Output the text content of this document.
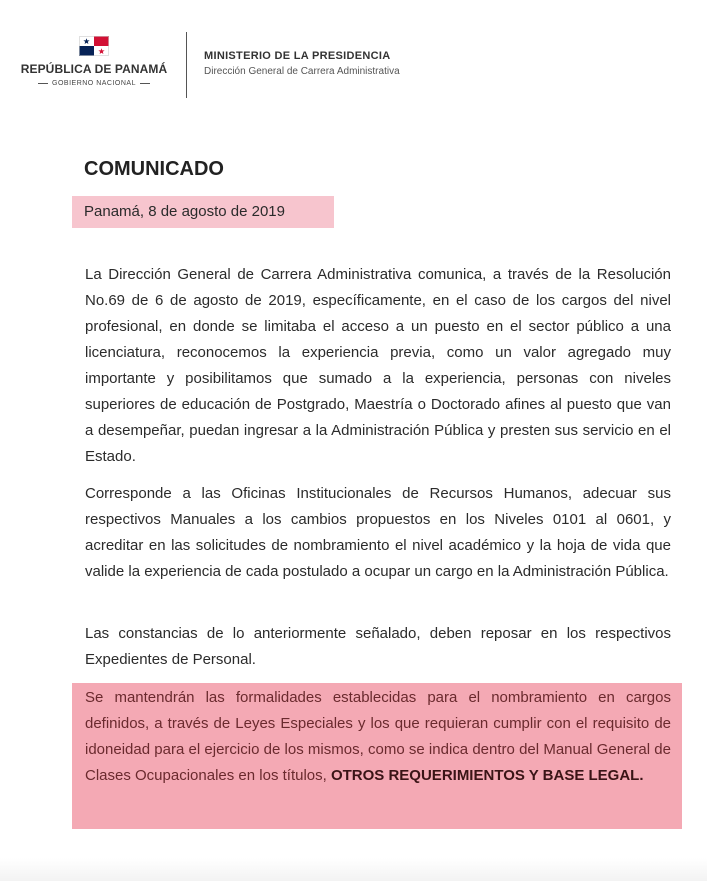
REPÚBLICA DE PANAMÁ
GOBIERNO NACIONAL
MINISTERIO DE LA PRESIDENCIA
Dirección General de Carrera Administrativa
COMUNICADO
Panamá, 8 de agosto de 2019

La Dirección General de Carrera Administrativa comunica, a través de la Resolución No.69 de 6 de agosto de 2019, específicamente, en el caso de los cargos del nivel profesional, en donde se limitaba el acceso a un puesto en el sector público a una licenciatura, reconocemos la experiencia previa, como un valor agregado muy importante y posibilitamos que sumado a la experiencia, personas con niveles superiores de educación de Postgrado, Maestría o Doctorado afines al puesto que van a desempeñar, puedan ingresar a la Administración Pública y presten sus servicio en el Estado.

Corresponde a las Oficinas Institucionales de Recursos Humanos, adecuar sus respectivos Manuales a los cambios propuestos en los Niveles 0101 al 0601, y acreditar en las solicitudes de nombramiento el nivel académico y la hoja de vida que valide la experiencia de cada postulado a ocupar un cargo en la Administración Pública.

Las constancias de lo anteriormente señalado, deben reposar en los respectivos Expedientes de Personal.

Se mantendrán las formalidades establecidas para el nombramiento en cargos definidos, a través de Leyes Especiales y los que requieran cumplir con el requisito de idoneidad para el ejercicio de los mismos, como se indica dentro del Manual General de Clases Ocupacionales en los títulos, OTROS REQUERIMIENTOS Y BASE LEGAL.
